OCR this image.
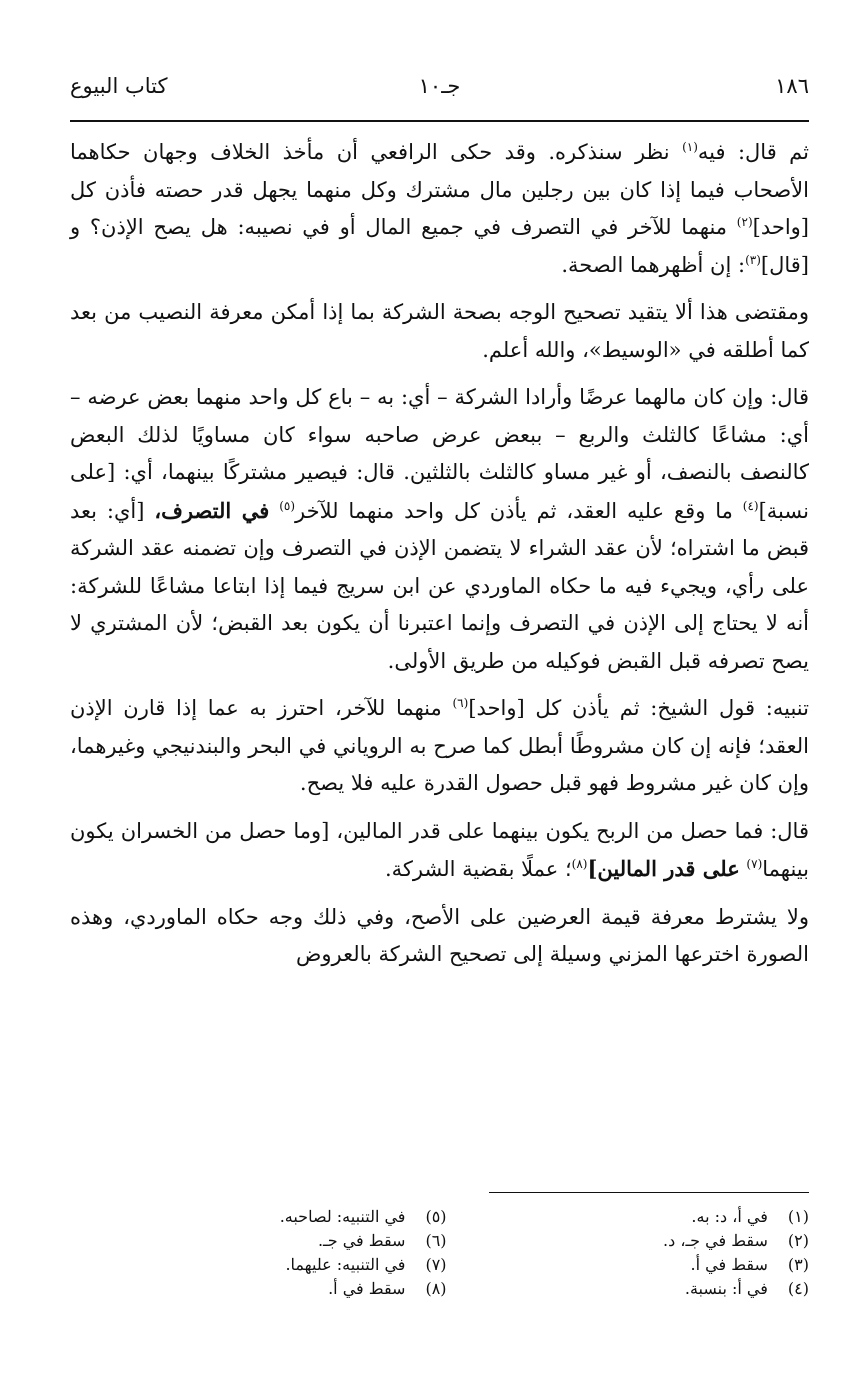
١٨٦
جـ١٠
كتاب البيوع

ثم قال: فيه$^{(١)}$ نظر سنذكره. وقد حكى الرافعي أن مأخذ الخلاف وجهان حكاهما الأصحاب فيما إذا كان بين رجلين مال مشترك وكل منهما يجهل قدر حصته فأذن كل [واحد]$^{(٢)}$ منهما للآخر في التصرف في جميع المال أو في نصيبه: هل يصح الإذن؟ و [قال]$^{(٣)}$: إن أظهرهما الصحة.

ومقتضى هذا ألا يتقيد تصحيح الوجه بصحة الشركة بما إذا أمكن معرفة النصيب من بعد كما أطلقه في «الوسيط»، والله أعلم.

قال: وإن كان مالهما عرضًا وأرادا الشركة – أي: به – باع كل واحد منهما بعض عرضه – أي: مشاعًا كالثلث والربع – ببعض عرض صاحبه سواء كان مساويًا لذلك البعض كالنصف بالنصف، أو غير مساو كالثلث بالثلثين. قال: فيصير مشتركًا بينهما، أي: [على نسبة]$^{(٤)}$ ما وقع عليه العقد، ثم يأذن كل واحد منهما للآخر$^{(٥)}$ في التصرف، [أي: بعد قبض ما اشتراه؛ لأن عقد الشراء لا يتضمن الإذن في التصرف وإن تضمنه عقد الشركة على رأي، ويجيء فيه ما حكاه الماوردي عن ابن سريج فيما إذا ابتاعا مشاعًا للشركة: أنه لا يحتاج إلى الإذن في التصرف وإنما اعتبرنا أن يكون بعد القبض؛ لأن المشتري لا يصح تصرفه قبل القبض فوكيله من طريق الأولى.

تنبيه: قول الشيخ: ثم يأذن كل [واحد]$^{(٦)}$ منهما للآخر، احترز به عما إذا قارن الإذن العقد؛ فإنه إن كان مشروطًا أبطل كما صرح به الروياني في البحر والبندنيجي وغيرهما، وإن كان غير مشروط فهو قبل حصول القدرة عليه فلا يصح.

قال: فما حصل من الربح يكون بينهما على قدر المالين، [وما حصل من الخسران يكون بينهما$^{(٧)}$ على قدر المالين]$^{(٨)}$؛ عملًا بقضية الشركة.

ولا يشترط معرفة قيمة العرضين على الأصح، وفي ذلك وجه حكاه الماوردي، وهذه الصورة اخترعها المزني وسيلة إلى تصحيح الشركة بالعروض

(١) في أ، د: به.
(٢) سقط في جـ، د.
(٣) سقط في أ.
(٤) في أ: بنسبة.
(٥) في التنبيه: لصاحبه.
(٦) سقط في جـ.
(٧) في التنبيه: عليهما.
(٨) سقط في أ.
